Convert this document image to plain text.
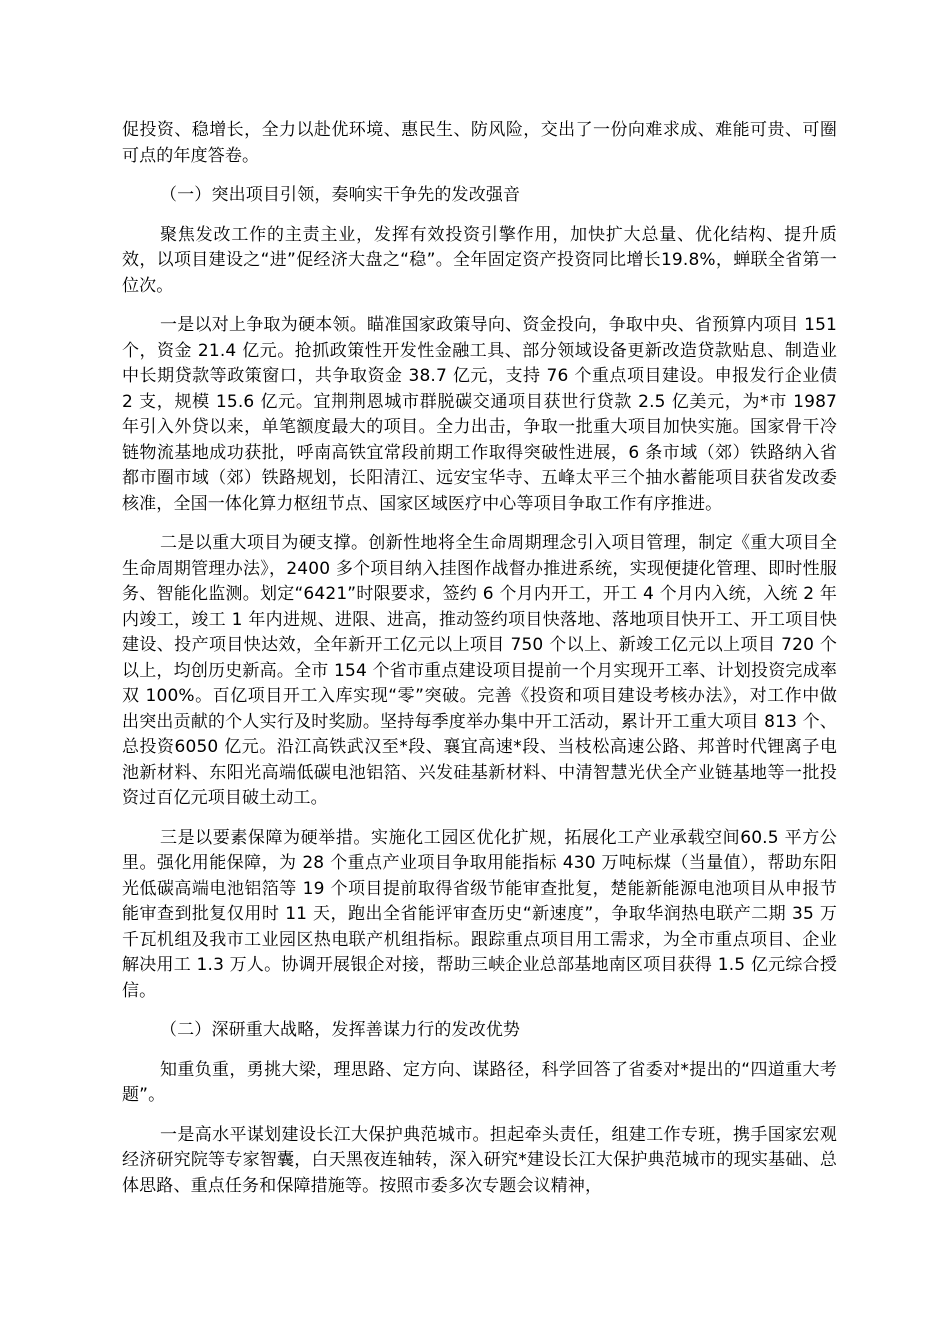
促投资、稳增长，全力以赴优环境、惠民生、防风险，交出了一份向难求成、难能可贵、可圈可点的年度答卷。

（一）突出项目引领，奏响实干争先的发改强音

聚焦发改工作的主责主业，发挥有效投资引擎作用，加快扩大总量、优化结构、提升质效，以项目建设之“进”促经济大盘之“稳”。全年固定资产投资同比增长19.8%，蝉联全省第一位次。

一是以对上争取为硬本领。瞄准国家政策导向、资金投向，争取中央、省预算内项目 151 个，资金 21.4 亿元。抢抓政策性开发性金融工具、部分领域设备更新改造贷款贴息、制造业中长期贷款等政策窗口，共争取资金 38.7 亿元，支持 76 个重点项目建设。申报发行企业债 2 支，规模 15.6 亿元。宜荆荆恩城市群脱碳交通项目获世行贷款 2.5 亿美元，为*市 1987 年引入外贷以来，单笔额度最大的项目。全力出击，争取一批重大项目加快实施。国家骨干冷链物流基地成功获批，呼南高铁宜常段前期工作取得突破性进展，6 条市域（郊）铁路纳入省都市圈市域（郊）铁路规划，长阳清江、远安宝华寺、五峰太平三个抽水蓄能项目获省发改委核准，全国一体化算力枢纽节点、国家区域医疗中心等项目争取工作有序推进。

二是以重大项目为硬支撑。创新性地将全生命周期理念引入项目管理，制定《重大项目全生命周期管理办法》，2400 多个项目纳入挂图作战督办推进系统，实现便捷化管理、即时性服务、智能化监测。划定“6421”时限要求，签约 6 个月内开工，开工 4 个月内入统，入统 2 年内竣工，竣工 1 年内进规、进限、进高，推动签约项目快落地、落地项目快开工、开工项目快建设、投产项目快达效，全年新开工亿元以上项目 750 个以上、新竣工亿元以上项目 720 个以上，均创历史新高。全市 154 个省市重点建设项目提前一个月实现开工率、计划投资完成率双 100%。百亿项目开工入库实现“零”突破。完善《投资和项目建设考核办法》，对工作中做出突出贡献的个人实行及时奖励。坚持每季度举办集中开工活动，累计开工重大项目 813 个、总投资6050 亿元。沿江高铁武汉至*段、襄宜高速*段、当枝松高速公路、邦普时代锂离子电池新材料、东阳光高端低碳电池铝箔、兴发硅基新材料、中清智慧光伏全产业链基地等一批投资过百亿元项目破土动工。

三是以要素保障为硬举措。实施化工园区优化扩规，拓展化工产业承载空间60.5 平方公里。强化用能保障，为 28 个重点产业项目争取用能指标 430 万吨标煤（当量值），帮助东阳光低碳高端电池铝箔等 19 个项目提前取得省级节能审查批复，楚能新能源电池项目从申报节能审查到批复仅用时 11 天，跑出全省能评审查历史“新速度”，争取华润热电联产二期 35 万千瓦机组及我市工业园区热电联产机组指标。跟踪重点项目用工需求，为全市重点项目、企业解决用工 1.3 万人。协调开展银企对接，帮助三峡企业总部基地南区项目获得 1.5 亿元综合授信。

（二）深研重大战略，发挥善谋力行的发改优势

知重负重，勇挑大梁，理思路、定方向、谋路径，科学回答了省委对*提出的“四道重大考题”。

一是高水平谋划建设长江大保护典范城市。担起牵头责任，组建工作专班，携手国家宏观经济研究院等专家智囊，白天黑夜连轴转，深入研究*建设长江大保护典范城市的现实基础、总体思路、重点任务和保障措施等。按照市委多次专题会议精神，
